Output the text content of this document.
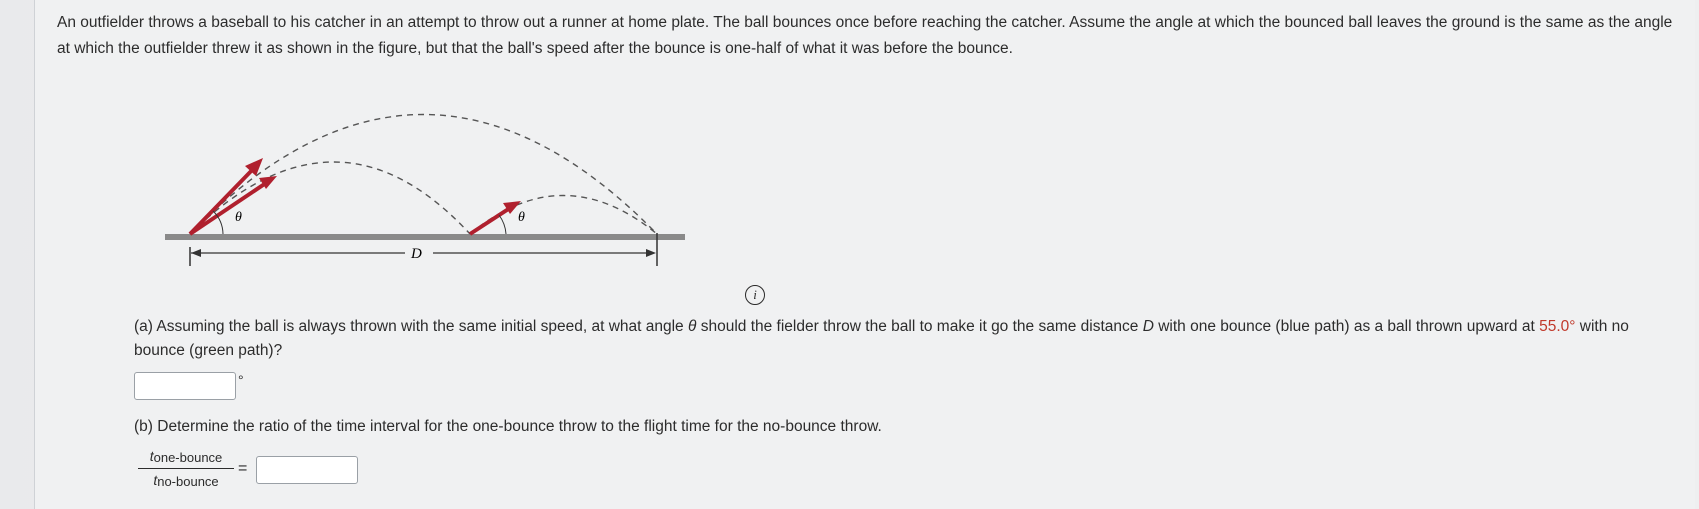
An outfielder throws a baseball to his catcher in an attempt to throw out a runner at home plate. The ball bounces once before reaching the catcher. Assume the angle at which the bounced ball leaves the ground is the same as the angle at which the outfielder threw it as shown in the figure, but that the ball's speed after the bounce is one-half of what it was before the bounce.
D
θ	θ
i
(a) Assuming the ball is always thrown with the same initial speed, at what angle θ should the fielder throw the ball to make it go the same distance D with one bounce (blue path) as a ball thrown upward at 55.0° with no bounce (green path)?
°
(b) Determine the ratio of the time interval for the one-bounce throw to the flight time for the no-bounce throw.
$t_{one-bounce}$
$t_{no-bounce}$
=
